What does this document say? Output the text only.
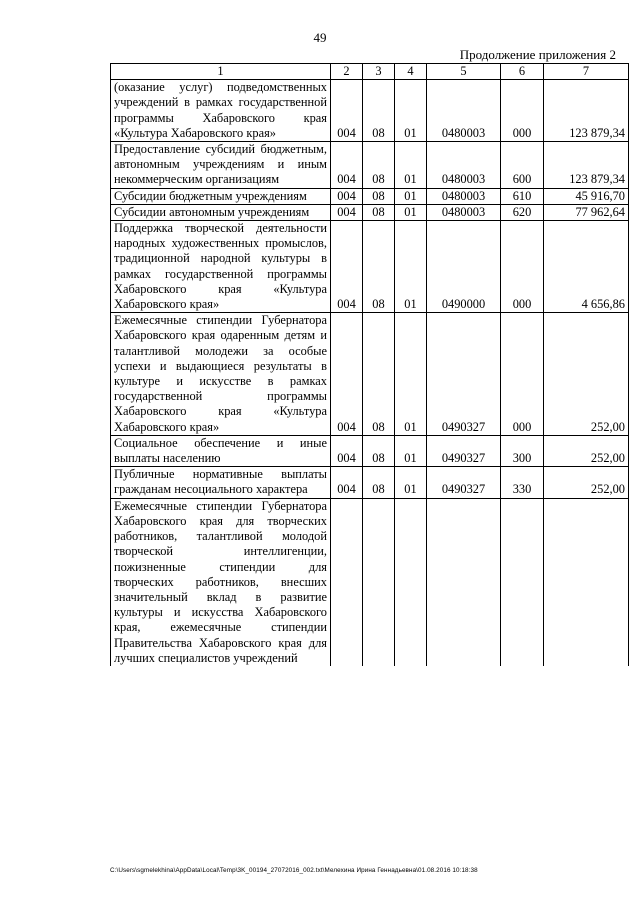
49
Продолжение приложения 2
1	2	3	4	5	6	7
(оказание услуг) подведомственных учреждений в рамках государственной программы Хабаровского края «Культура Хабаровского края»	004	08	01	0480003	000	123 879,34
Предоставление субсидий бюджетным, автономным учреждениям и иным некоммерческим организациям	004	08	01	0480003	600	123 879,34
Субсидии бюджетным учреждениям	004	08	01	0480003	610	45 916,70
Субсидии автономным учреждениям	004	08	01	0480003	620	77 962,64
Поддержка творческой деятельности народных художественных промыслов, традиционной народной культуры в рамках государственной программы Хабаровского края «Культура Хабаровского края»	004	08	01	0490000	000	4 656,86
Ежемесячные стипендии Губернатора Хабаровского края одаренным детям и талантливой молодежи за особые успехи и выдающиеся результаты в культуре и искусстве в рамках государственной программы Хабаровского края «Культура Хабаровского края»	004	08	01	0490327	000	252,00
Социальное обеспечение и иные выплаты населению	004	08	01	0490327	300	252,00
Публичные нормативные выплаты гражданам несоциального характера	004	08	01	0490327	330	252,00
Ежемесячные стипендии Губернатора Хабаровского края для творческих работников, талантливой молодой творческой интеллигенции, пожизненные стипендии для творческих работников, внесших значительный вклад в развитие культуры и искусства Хабаровского края, ежемесячные стипендии Правительства Хабаровского края для лучших специалистов учреждений						
C:\Users\sgmelekhina\AppData\Local\Temp\3K_00194_27072016_002.txt\Мелехина Ирина Геннадьевна\01.08.2016 10:18:38
